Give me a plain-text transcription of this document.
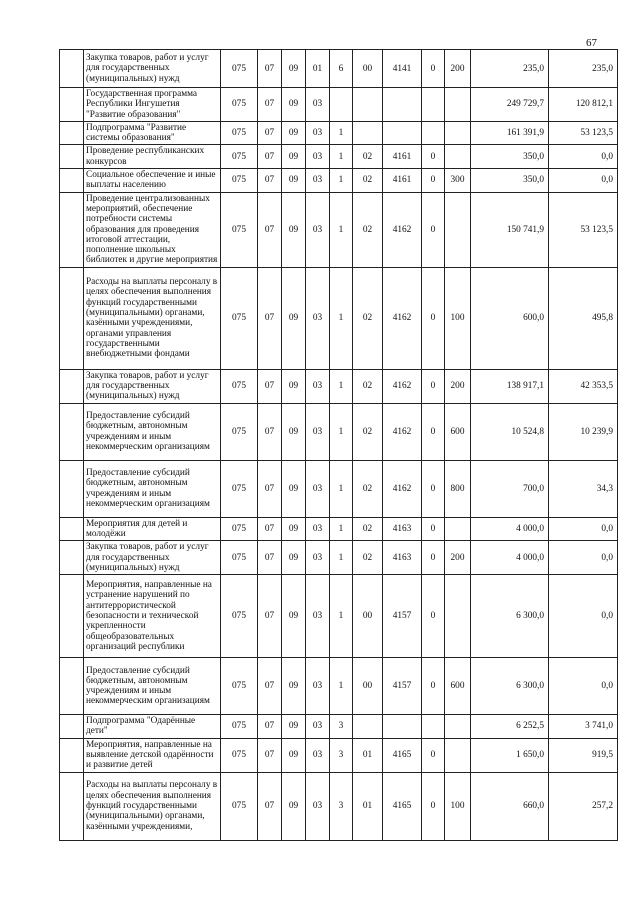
67
	Закупка товаров, работ и услуг для государственных (муниципальных) нужд	075	07	09	01	6	00	4141	0	200	235,0	235,0
	Государственная программа Республики Ингушетия "Развитие образования"	075	07	09	03						249 729,7	120 812,1
	Подпрограмма "Развитие системы образования"	075	07	09	03	1					161 391,9	53 123,5
	Проведение республиканских конкурсов	075	07	09	03	1	02	4161	0		350,0	0,0
	Социальное обеспечение и иные выплаты населению	075	07	09	03	1	02	4161	0	300	350,0	0,0
	Проведение централизованных мероприятий, обеспечение потребности системы образования для проведения итоговой аттестации, пополнение школьных библиотек и другие мероприятия	075	07	09	03	1	02	4162	0		150 741,9	53 123,5
	Расходы на выплаты персоналу в целях обеспечения выполнения функций государственными (муниципальными) органами, казёнными учреждениями, органами управления государственными внебюджетными фондами	075	07	09	03	1	02	4162	0	100	600,0	495,8
	Закупка товаров, работ и услуг для государственных (муниципальных) нужд	075	07	09	03	1	02	4162	0	200	138 917,1	42 353,5
	Предоставление субсидий бюджетным, автономным учреждениям и иным некоммерческим организациям	075	07	09	03	1	02	4162	0	600	10 524,8	10 239,9
	Предоставление субсидий бюджетным, автономным учреждениям и иным некоммерческим организациям	075	07	09	03	1	02	4162	0	800	700,0	34,3
	Мероприятия для детей и молодёжи	075	07	09	03	1	02	4163	0		4 000,0	0,0
	Закупка товаров, работ и услуг для государственных (муниципальных) нужд	075	07	09	03	1	02	4163	0	200	4 000,0	0,0
	Мероприятия, направленные на устранение нарушений по антитеррористической безопасности и технической укрепленности общеобразовательных организаций республики	075	07	09	03	1	00	4157	0		6 300,0	0,0
	Предоставление субсидий бюджетным, автономным учреждениям и иным некоммерческим организациям	075	07	09	03	1	00	4157	0	600	6 300,0	0,0
	Подпрограмма "Одарённые дети"	075	07	09	03	3					6 252,5	3 741,0
	Мероприятия, направленные на выявление детской одарённости и развитие детей	075	07	09	03	3	01	4165	0		1 650,0	919,5
	Расходы на выплаты персоналу в целях обеспечения выполнения функций государственными (муниципальными) органами, казёнными учреждениями,	075	07	09	03	3	01	4165	0	100	660,0	257,2
